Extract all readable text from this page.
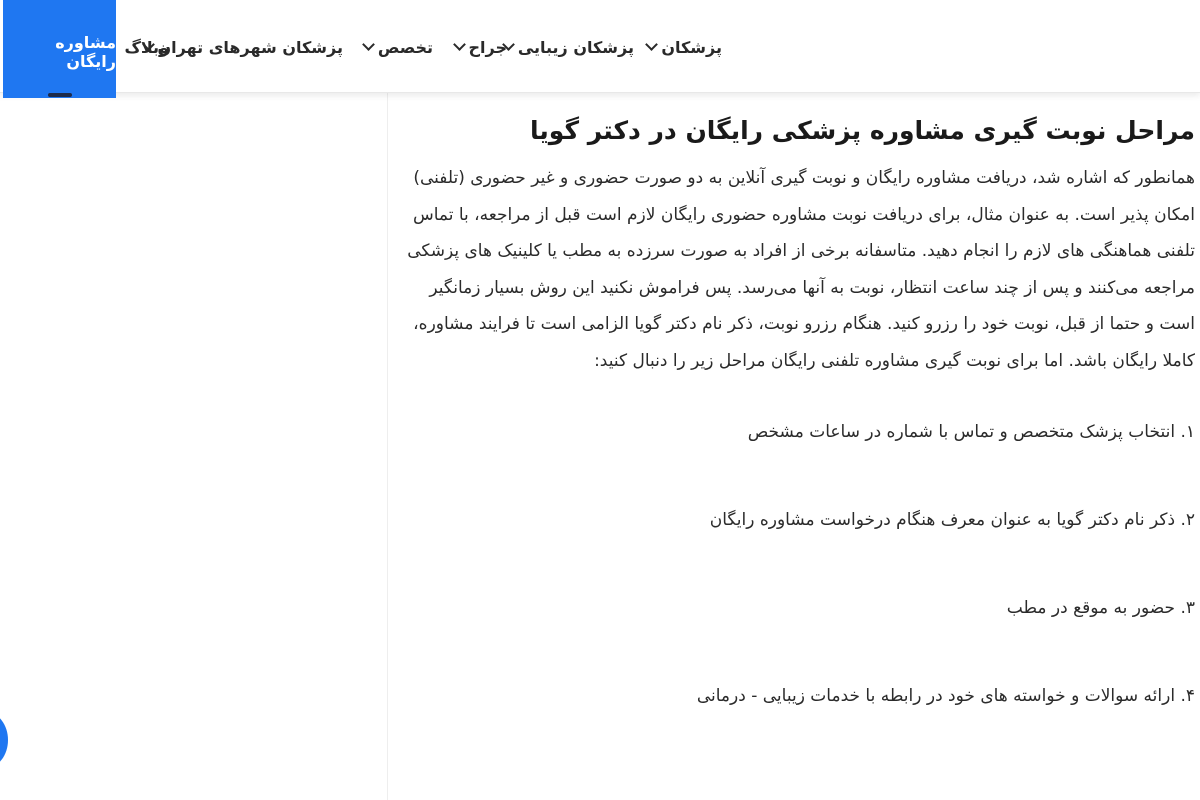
پزشکان
پزشکان زیبایی
جراح
تخصص
پزشکان شهرهای تهران
وبلاگ
مشاوره رایگان
مراحل نوبت گیری مشاوره پزشکی رایگان در دکتر گویا

همانطور که اشاره شد، دریافت مشاوره رایگان و نوبت گیری آنلاین به دو صورت حضوری و غیر حضوری (تلفنی) امکان پذیر است. به عنوان مثال، برای دریافت نوبت مشاوره حضوری رایگان لازم است قبل از مراجعه، با تماس تلفنی هماهنگی های لازم را انجام دهید. متاسفانه برخی از افراد به صورت سرزده به مطب یا کلینیک های پزشکی مراجعه می‌کنند و پس از چند ساعت انتظار، نوبت به آنها می‌رسد. پس فراموش نکنید این روش بسیار زمانگیر است و حتما از قبل، نوبت خود را رزرو کنید. هنگام رزرو نوبت، ذکر نام دکتر گویا الزامی است تا فرایند مشاوره، کاملا رایگان باشد. اما برای نوبت گیری مشاوره تلفنی رایگان مراحل زیر را دنبال کنید:

۱. انتخاب پزشک متخصص و تماس با شماره در ساعات مشخص
۲. ذکر نام دکتر گویا به عنوان معرف هنگام درخواست مشاوره رایگان
۳. حضور به موقع در مطب
۴. ارائه سوالات و خواسته های خود در رابطه با خدمات زیبایی - درمانی
